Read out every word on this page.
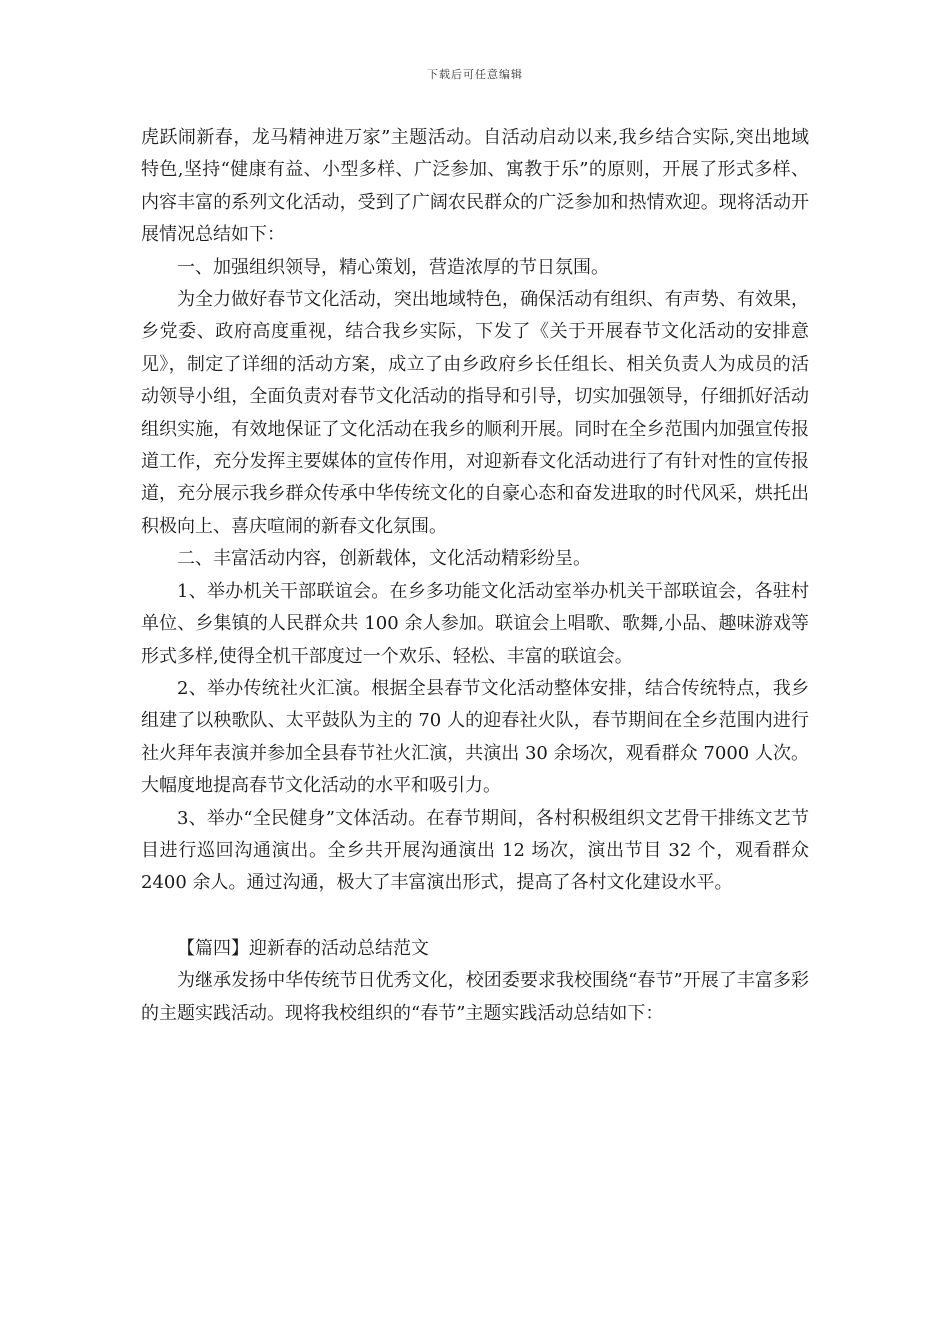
下载后可任意编辑

虎跃闹新春，龙马精神进万家”主题活动。自活动启动以来,我乡结合实际,突出地域特色,坚持“健康有益、小型多样、广泛参加、寓教于乐”的原则，开展了形式多样、内容丰富的系列文化活动，受到了广阔农民群众的广泛参加和热情欢迎。现将活动开展情况总结如下：

一、加强组织领导，精心策划，营造浓厚的节日氛围。

为全力做好春节文化活动，突出地域特色，确保活动有组织、有声势、有效果，乡党委、政府高度重视，结合我乡实际，下发了《关于开展春节文化活动的安排意见》，制定了详细的活动方案，成立了由乡政府乡长任组长、相关负责人为成员的活动领导小组，全面负责对春节文化活动的指导和引导，切实加强领导，仔细抓好活动组织实施，有效地保证了文化活动在我乡的顺利开展。同时在全乡范围内加强宣传报道工作，充分发挥主要媒体的宣传作用，对迎新春文化活动进行了有针对性的宣传报道，充分展示我乡群众传承中华传统文化的自豪心态和奋发进取的时代风采，烘托出积极向上、喜庆喧闹的新春文化氛围。

二、丰富活动内容，创新载体，文化活动精彩纷呈。

1、举办机关干部联谊会。在乡多功能文化活动室举办机关干部联谊会，各驻村单位、乡集镇的人民群众共 100 余人参加。联谊会上唱歌、歌舞,小品、趣味游戏等形式多样,使得全机干部度过一个欢乐、轻松、丰富的联谊会。

2、举办传统社火汇演。根据全县春节文化活动整体安排，结合传统特点，我乡组建了以秧歌队、太平鼓队为主的 70 人的迎春社火队，春节期间在全乡范围内进行社火拜年表演并参加全县春节社火汇演，共演出 30 余场次，观看群众 7000 人次。大幅度地提高春节文化活动的水平和吸引力。

3、举办“全民健身”文体活动。在春节期间，各村积极组织文艺骨干排练文艺节目进行巡回沟通演出。全乡共开展沟通演出 12 场次，演出节目 32 个，观看群众 2400 余人。通过沟通，极大了丰富演出形式，提高了各村文化建设水平。

【篇四】迎新春的活动总结范文

为继承发扬中华传统节日优秀文化，校团委要求我校围绕“春节”开展了丰富多彩的主题实践活动。现将我校组织的“春节”主题实践活动总结如下：
